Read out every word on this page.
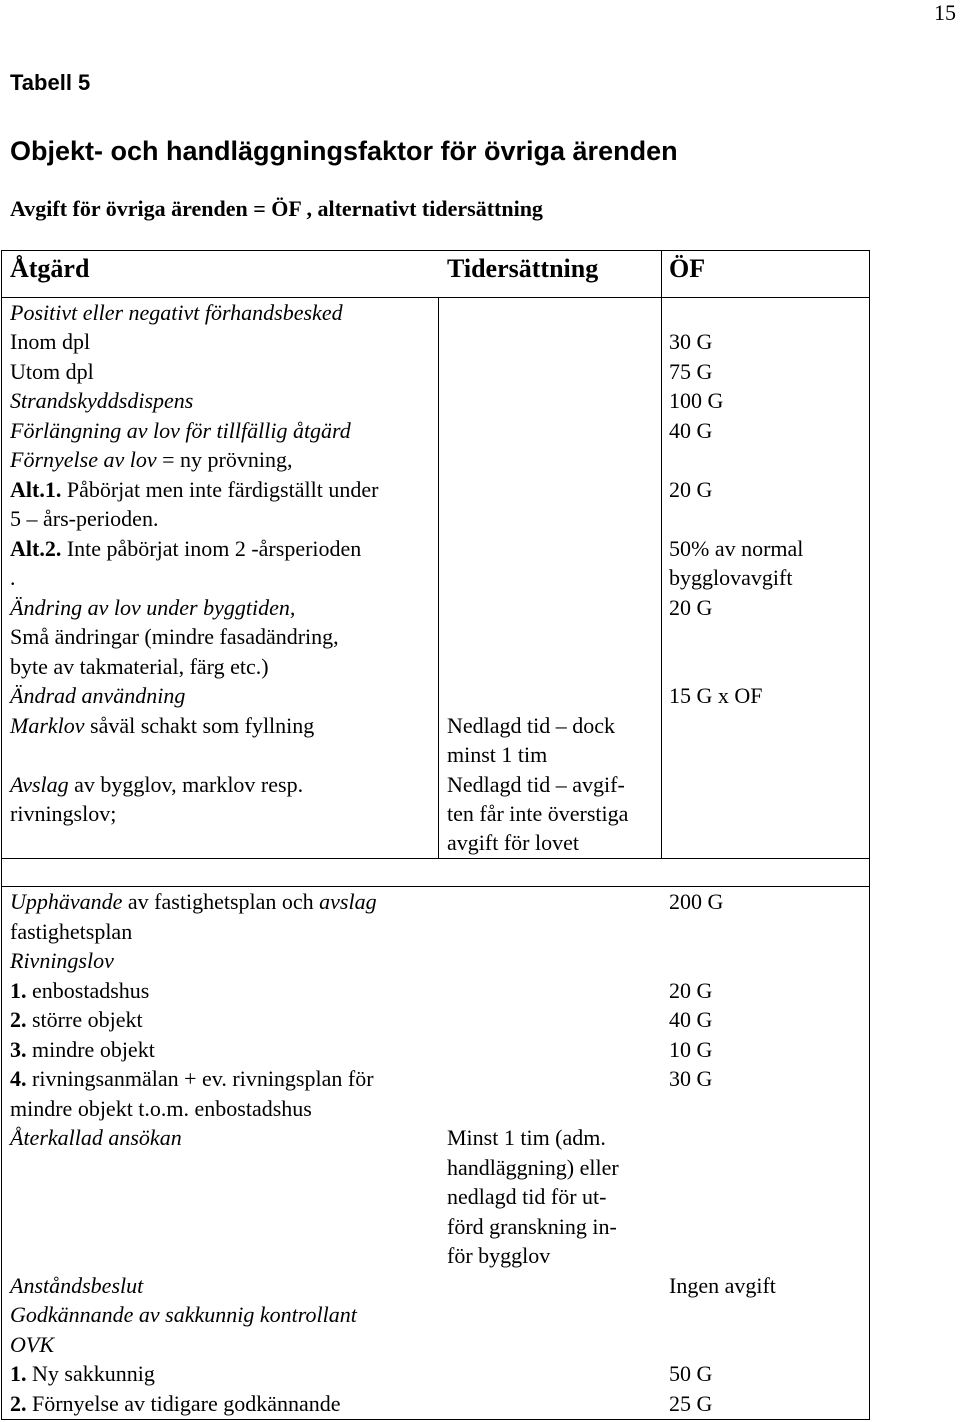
15
Tabell 5
Objekt- och handläggningsfaktor för övriga ärenden
Avgift för övriga ärenden = ÖF , alternativt tidersättning
Åtgärd	Tidersättning	ÖF
Positivt eller negativt förhandsbesked
Inom dpl
Utom dpl
Strandskyddsdispens
Förlängning av lov för tillfällig åtgärd
Förnyelse av lov = ny prövning,
Alt.1. Påbörjat men inte färdigställt under
5 – års-perioden.
Alt.2. Inte påbörjat inom 2 -årsperioden
.
Ändring av lov under byggtiden,
Små ändringar (mindre fasadändring,
byte av takmaterial, färg etc.)
Ändrad användning
Marklov såväl schakt som fyllning
Avslag av bygglov, marklov resp.
rivningslov;
Upphävande av fastighetsplan och avslag
fastighetsplan
Rivningslov
1. enbostadshus
2. större objekt
3. mindre objekt
4. rivningsanmälan + ev. rivningsplan för
mindre objekt t.o.m. enbostadshus
Återkallad ansökan
Anståndsbeslut
Godkännande av sakkunnig kontrollant
OVK
1. Ny sakkunnig
2. Förnyelse av tidigare godkännande
Nedlagd tid – dock
minst 1 tim
Nedlagd tid – avgif-
ten får inte överstiga
avgift för lovet
Minst 1 tim (adm.
handläggning) eller
nedlagd tid för ut-
förd granskning in-
för bygglov
30 G
75 G
100 G
40 G
20 G
50% av normal
bygglovavgift
20 G
15 G x OF
200 G
20 G
40 G
10 G
30 G
Ingen avgift
50 G
25 G
